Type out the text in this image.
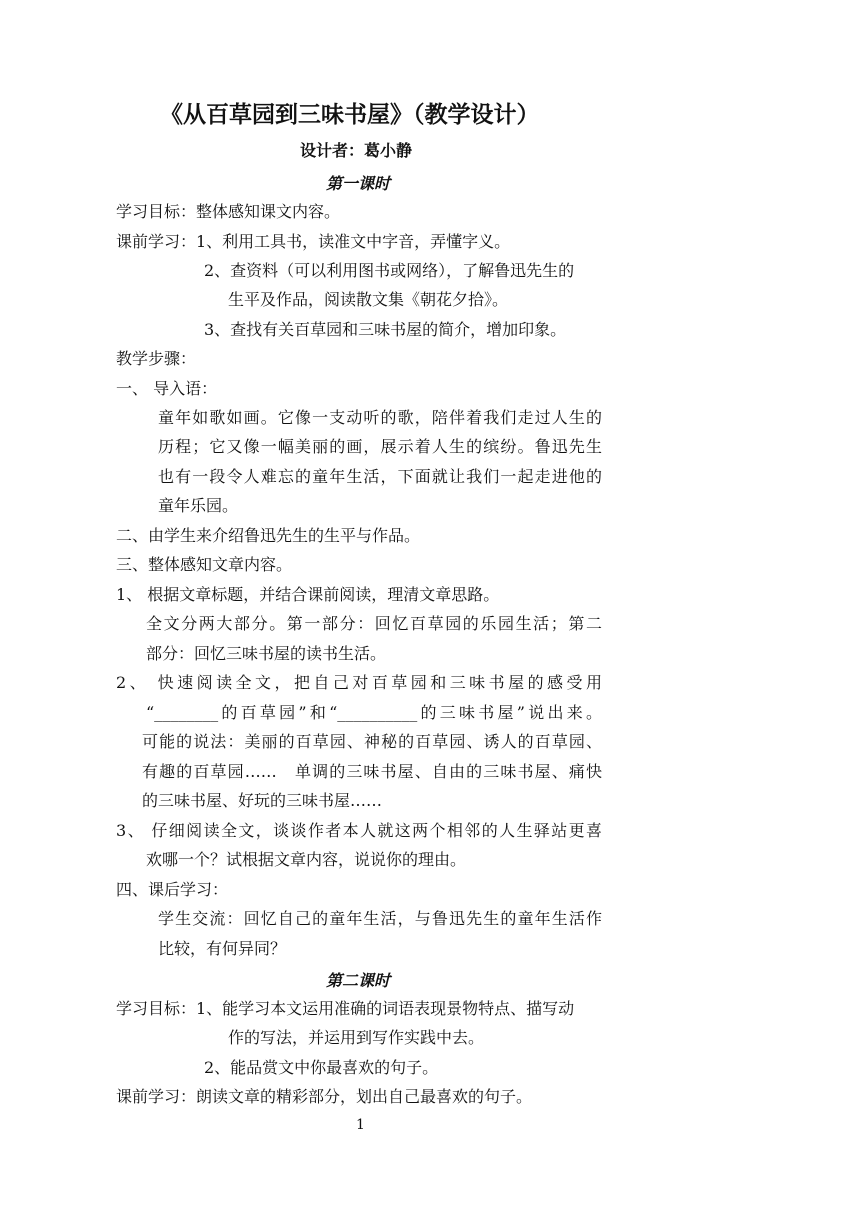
《从百草园到三味书屋》（教学设计）
设计者：葛小静
第一课时
学习目标：整体感知课文内容。
课前学习：1、利用工具书，读准文中字音，弄懂字义。
2、查资料（可以利用图书或网络），了解鲁迅先生的
生平及作品，阅读散文集《朝花夕拾》。
3、查找有关百草园和三味书屋的简介，增加印象。
教学步骤：
一、 导入语：
童年如歌如画。它像一支动听的歌，陪伴着我们走过人生的
历程；它又像一幅美丽的画，展示着人生的缤纷。鲁迅先生
也有一段令人难忘的童年生活，下面就让我们一起走进他的
童年乐园。
二、由学生来介绍鲁迅先生的生平与作品。
三、整体感知文章内容。
1、 根据文章标题，并结合课前阅读，理清文章思路。
全文分两大部分。第一部分：回忆百草园的乐园生活；第二
部分：回忆三味书屋的读书生活。
2、 快速阅读全文，把自己对百草园和三味书屋的感受用
“________的百草园”和“__________的三味书屋”说出来。
可能的说法：美丽的百草园、神秘的百草园、诱人的百草园、
有趣的百草园……　单调的三味书屋、自由的三味书屋、痛快
的三味书屋、好玩的三味书屋……
3、 仔细阅读全文，谈谈作者本人就这两个相邻的人生驿站更喜
欢哪一个？试根据文章内容，说说你的理由。
四、课后学习：
学生交流：回忆自己的童年生活，与鲁迅先生的童年生活作
比较，有何异同？
第二课时
学习目标：1、能学习本文运用准确的词语表现景物特点、描写动
作的写法，并运用到写作实践中去。
2、能品赏文中你最喜欢的句子。
课前学习：朗读文章的精彩部分，划出自己最喜欢的句子。
1
